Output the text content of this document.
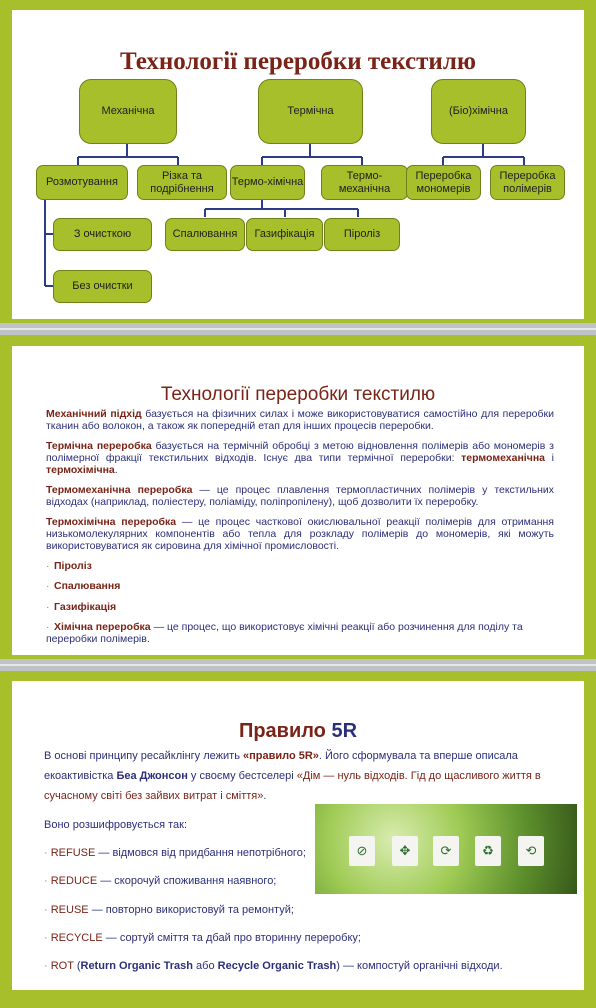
Технології переробки текстилю
Механічна	Термічна	(Біо)хімічна
Розмотування
Різка та подрібнення
Термо-хімічна
Термо-механічна
Переробка мономерів
Переробка полімерів
З очисткою
Без очистки
Спалювання	Газифікація	Піроліз
Технології переробки текстилю
Механічний підхід базується на фізичних силах і може використовуватися самостійно для переробки тканин або волокон, а також як попередній етап для інших процесів переробки.
Термічна переробка базується на термічній обробці з метою відновлення полімерів або мономерів з полімерної фракції текстильних відходів. Існує два типи термічної переробки: термомеханічна і термохімічна.
Термомеханічна переробка — це процес плавлення термопластичних полімерів у текстильних відходах (наприклад, поліестеру, поліаміду, поліпропілену), щоб дозволити їх переробку.
Термохімічна переробка — це процес часткової окислювальної реакції полімерів для отримання низькомолекулярних компонентів або тепла для розкладу полімерів до мономерів, які можуть використовуватися як сировина для хімічної промисловості.
· Піроліз
· Спалювання
· Газифікація
· Хімічна переробка — це процес, що використовує хімічні реакції або розчинення для поділу та переробки полімерів.
Правило 5R
В основі принципу ресайклінгу лежить «правило 5R». Його сформувала та вперше описала екоактивістка Беа Джонсон у своєму бестселері «Дім — нуль відходів. Гід до щасливого життя в сучасному світі без зайвих витрат і сміття».
Воно розшифровується так:
· REFUSE — відмовся від придбання непотрібного;
· REDUCE — скорочуй споживання наявного;
· REUSE — повторно використовуй та ремонтуй;
· RECYCLE — сортуй сміття та дбай про вторинну переробку;
· ROT (Return Organic Trash або Recycle Organic Trash) — компостуй органічні відходи.
⊘	✥	⟳	♻	⟲
